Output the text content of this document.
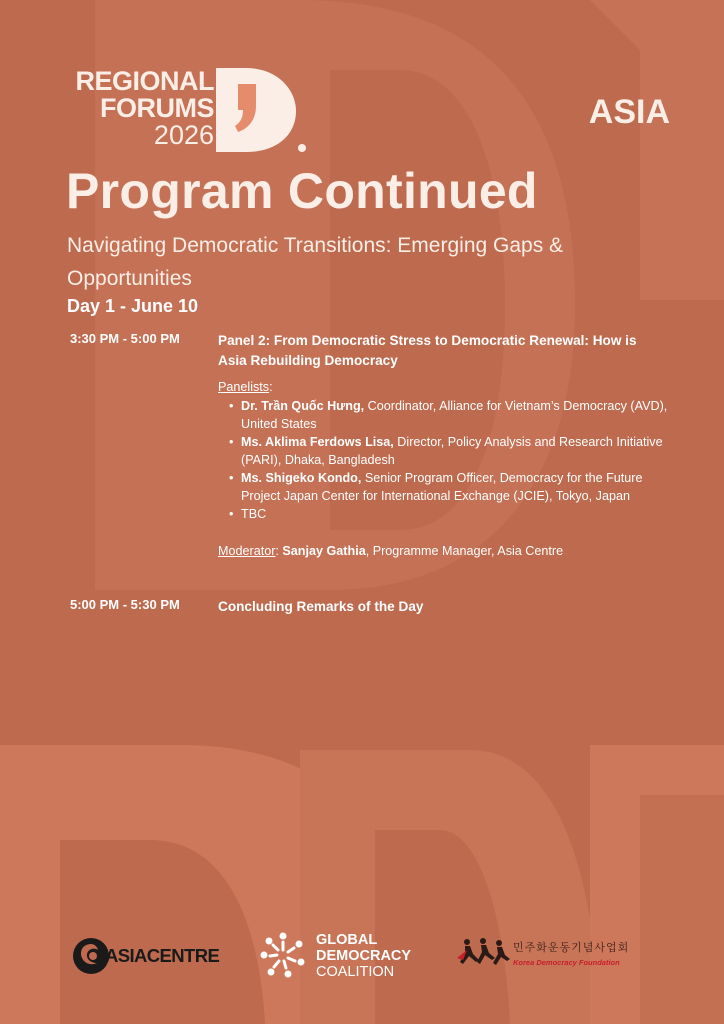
REGIONAL
FORUMS
2026
ASIA
Program Continued
Navigating Democratic Transitions: Emerging Gaps & Opportunities
Day 1 - June 10
3:30 PM - 5:00 PM	Panel 2: From Democratic Stress to Democratic Renewal: How is Asia Rebuilding Democracy
Panelists:
• Dr. Trần Quốc Hưng, Coordinator, Alliance for Vietnam’s Democracy (AVD), United States
• Ms. Aklima Ferdows Lisa, Director, Policy Analysis and Research Initiative (PARI), Dhaka, Bangladesh
• Ms. Shigeko Kondo, Senior Program Officer, Democracy for the Future Project Japan Center for International Exchange (JCIE), Tokyo, Japan
• TBC
Moderator: Sanjay Gathia, Programme Manager, Asia Centre
5:00 PM - 5:30 PM	Concluding Remarks of the Day
ASIACENTRE
GLOBAL
DEMOCRACY
COALITION
민주화운동기념사업회
Korea Democracy Foundation
